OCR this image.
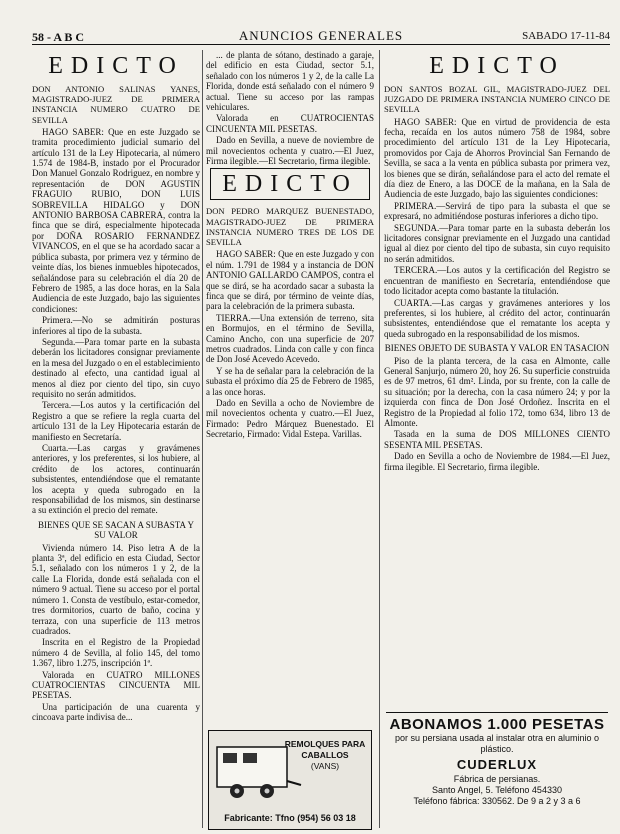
58 - A B C	ANUNCIOS GENERALES	SABADO 17-11-84
EDICTO
DON ANTONIO SALINAS YANES, MAGISTRADO-JUEZ DE PRIMERA INSTANCIA NUMERO CUATRO DE SEVILLA

HAGO SABER: Que en este Juzgado se tramita procedimiento judicial sumario del artículo 131 de la Ley Hipotecaria, al número 1.574 de 1984-B, instado por el Procurador Don Manuel Gonzalo Rodriguez, en nombre y representación de DON AGUSTIN FRAGUIO RUBIO, DON LUIS SOBREVILLA HIDALGO y DON ANTONIO BARBOSA CABRERA, contra la finca que se dirá, especialmente hipotecada por DOÑA ROSARIO FERNANDEZ VIVANCOS, en el que se ha acordado sacar a pública subasta, por primera vez y término de veinte días, los bienes inmuebles hipotecados, señalándose para su celebración el día 20 de Febrero de 1985, a las doce horas, en la Sala Audiencia de este Juzgado, bajo las siguientes condiciones:

Primera.—No se admitirán posturas inferiores al tipo de la subasta.

Segunda.—Para tomar parte en la subasta deberán los licitadores consignar previamente en la mesa del Juzgado o en el establecimiento destinado al efecto, una cantidad igual al menos al diez por ciento del tipo, sin cuyo requisito no serán admitidos.

Tercera.—Los autos y la certificación del Registro a que se refiere la regla cuarta del artículo 131 de la Ley Hipotecaria estarán de manifiesto en Secretaría.

Cuarta.—Las cargas y gravámenes anteriores, y los preferentes, si los hubiere, al crédito de los actores, continuarán subsistentes, entendiéndose que el rematante los acepta y queda subrogado en la responsabilidad de los mismos, sin destinarse a su extinción el precio del remate.

BIENES QUE SE SACAN A SUBASTA Y SU VALOR

Vivienda número 14. Piso letra A de la planta 3ª, del edificio en esta Ciudad, Sector 5.1, señalado con los números 1 y 2, de la calle La Florida, donde está señalada con el número 9 actual. Tiene su acceso por el portal número 1. Consta de vestíbulo, estar-comedor, tres dormitorios, cuarto de baño, cocina y terraza, con una superficie de 113 metros cuadrados.

Inscrita en el Registro de la Propiedad número 4 de Sevilla, al folio 145, del tomo 1.367, libro 1.275, inscripción 1ª.

Valorada en CUATRO MILLONES CUATROCIENTAS CINCUENTA MIL PESETAS.

Una participación de una cuarenta y cincoava parte indivisa de...

... de planta de sótano, destinado a garaje, del edificio en esta Ciudad, sector 5.1, señalado con los números 1 y 2, de la calle La Florida, donde está señalado con el número 9 actual. Tiene su acceso por las rampas vehiculares.

Valorada en CUATROCIENTAS CINCUENTA MIL PESETAS.

Dado en Sevilla, a nueve de noviembre de mil novecientos ochenta y cuatro.—El Juez, Firma ilegible.—El Secretario, firma ilegible.

EDICTO
DON PEDRO MARQUEZ BUENESTADO, MAGISTRADO-JUEZ DE PRIMERA INSTANCIA NUMERO TRES DE LOS DE SEVILLA

HAGO SABER: Que en este Juzgado y con el núm. 1.791 de 1984 y a instancia de DON ANTONIO GALLARDO CAMPOS, contra el que se dirá, se ha acordado sacar a subasta la finca que se dirá, por término de veinte días, para la celebración de la primera subasta.

TIERRA.—Una extensión de terreno, sita en Bormujos, en el término de Sevilla, Camino Ancho, con una superficie de 207 metros cuadrados. Linda con calle y con finca de Don José Acevedo Acevedo.

Y se ha de señalar para la celebración de la subasta el próximo día 25 de Febrero de 1985, a las once horas.

Dado en Sevilla a ocho de Noviembre de mil novecientos ochenta y cuatro.—El Juez, Firmado: Pedro Márquez Buenestado. El Secretario, Firmado: Vidal Estepa. Varillas.

REMOLQUES PARA
CABALLOS
(VANS)
Fabricante: Tfno (954) 56 03 18
EDICTO
DON SANTOS BOZAL GIL, MAGISTRADO-JUEZ DEL JUZGADO DE PRIMERA INSTANCIA NUMERO CINCO DE SEVILLA

HAGO SABER: Que en virtud de providencia de esta fecha, recaída en los autos número 758 de 1984, sobre procedimiento del artículo 131 de la Ley Hipotecaria, promovidos por Caja de Ahorros Provincial San Fernando de Sevilla, se saca a la venta en pública subasta por primera vez, los bienes que se dirán, señalándose para el acto del remate el día diez de Enero, a las DOCE de la mañana, en la Sala de Audiencia de este Juzgado, bajo las siguientes condiciones:

PRIMERA.—Servirá de tipo para la subasta el que se expresará, no admitiéndose posturas inferiores a dicho tipo.

SEGUNDA.—Para tomar parte en la subasta deberán los licitadores consignar previamente en el Juzgado una cantidad igual al diez por ciento del tipo de subasta, sin cuyo requisito no serán admitidos.

TERCERA.—Los autos y la certificación del Registro se encuentran de manifiesto en Secretaría, entendiéndose que todo licitador acepta como bastante la titulación.

CUARTA.—Las cargas y gravámenes anteriores y los preferentes, si los hubiere, al crédito del actor, continuarán subsistentes, entendiéndose que el rematante los acepta y queda subrogado en la responsabilidad de los mismos.

BIENES OBJETO DE SUBASTA Y VALOR EN TASACION

Piso de la planta tercera, de la casa en Almonte, calle General Sanjurjo, número 20, hoy 26. Su superficie construida es de 97 metros, 61 dm². Linda, por su frente, con la calle de su situación; por la derecha, con la casa número 24; y por la izquierda con finca de Don José Ordoñez. Inscrita en el Registro de la Propiedad al folio 172, tomo 634, libro 13 de Almonte.

Tasada en la suma de DOS MILLONES CIENTO SESENTA MIL PESETAS.

Dado en Sevilla a ocho de Noviembre de 1984.—El Juez, firma ilegible. El Secretario, firma ilegible.

ABONAMOS 1.000 PESETAS
por su persiana usada al instalar otra en aluminio o plástico.
CUDERLUX
Fábrica de persianas.
Santo Angel, 5. Teléfono 454330
Teléfono fábrica: 330562. De 9 a 2 y 3 a 6
